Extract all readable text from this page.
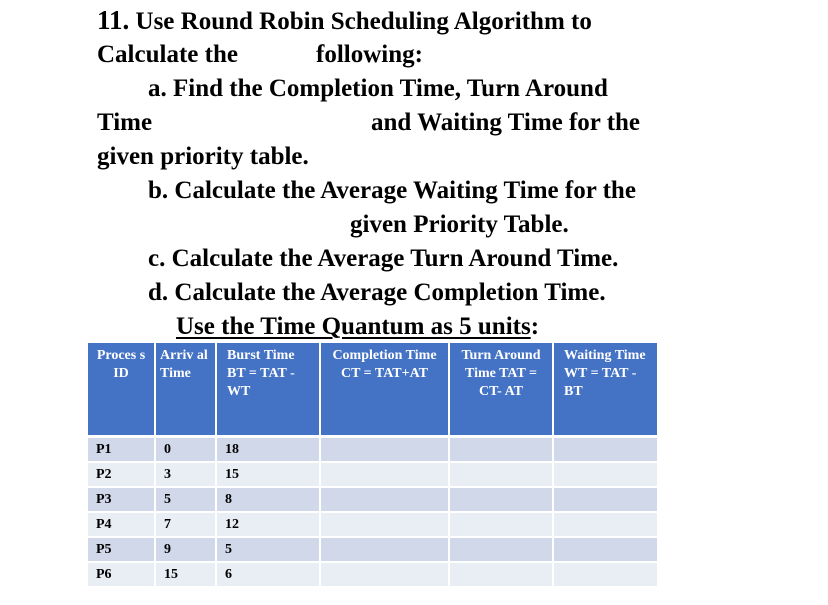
11. Use Round Robin Scheduling Algorithm to
Calculate the	following:
a. Find the Completion Time, Turn Around
Time	and Waiting Time for the
given priority table.
b. Calculate the Average Waiting Time for the
given Priority Table.
c. Calculate the Average Turn Around Time.
d. Calculate the Average Completion Time.
Use the Time Quantum as 5 units:
Proces s ID	Arriv al Time	Burst Time BT = TAT - WT	Completion Time CT = TAT+AT	Turn Around Time TAT = CT- AT	Waiting Time WT = TAT -BT
P1	0	18			
P2	3	15			
P3	5	8			
P4	7	12			
P5	9	5			
P6	15	6			
